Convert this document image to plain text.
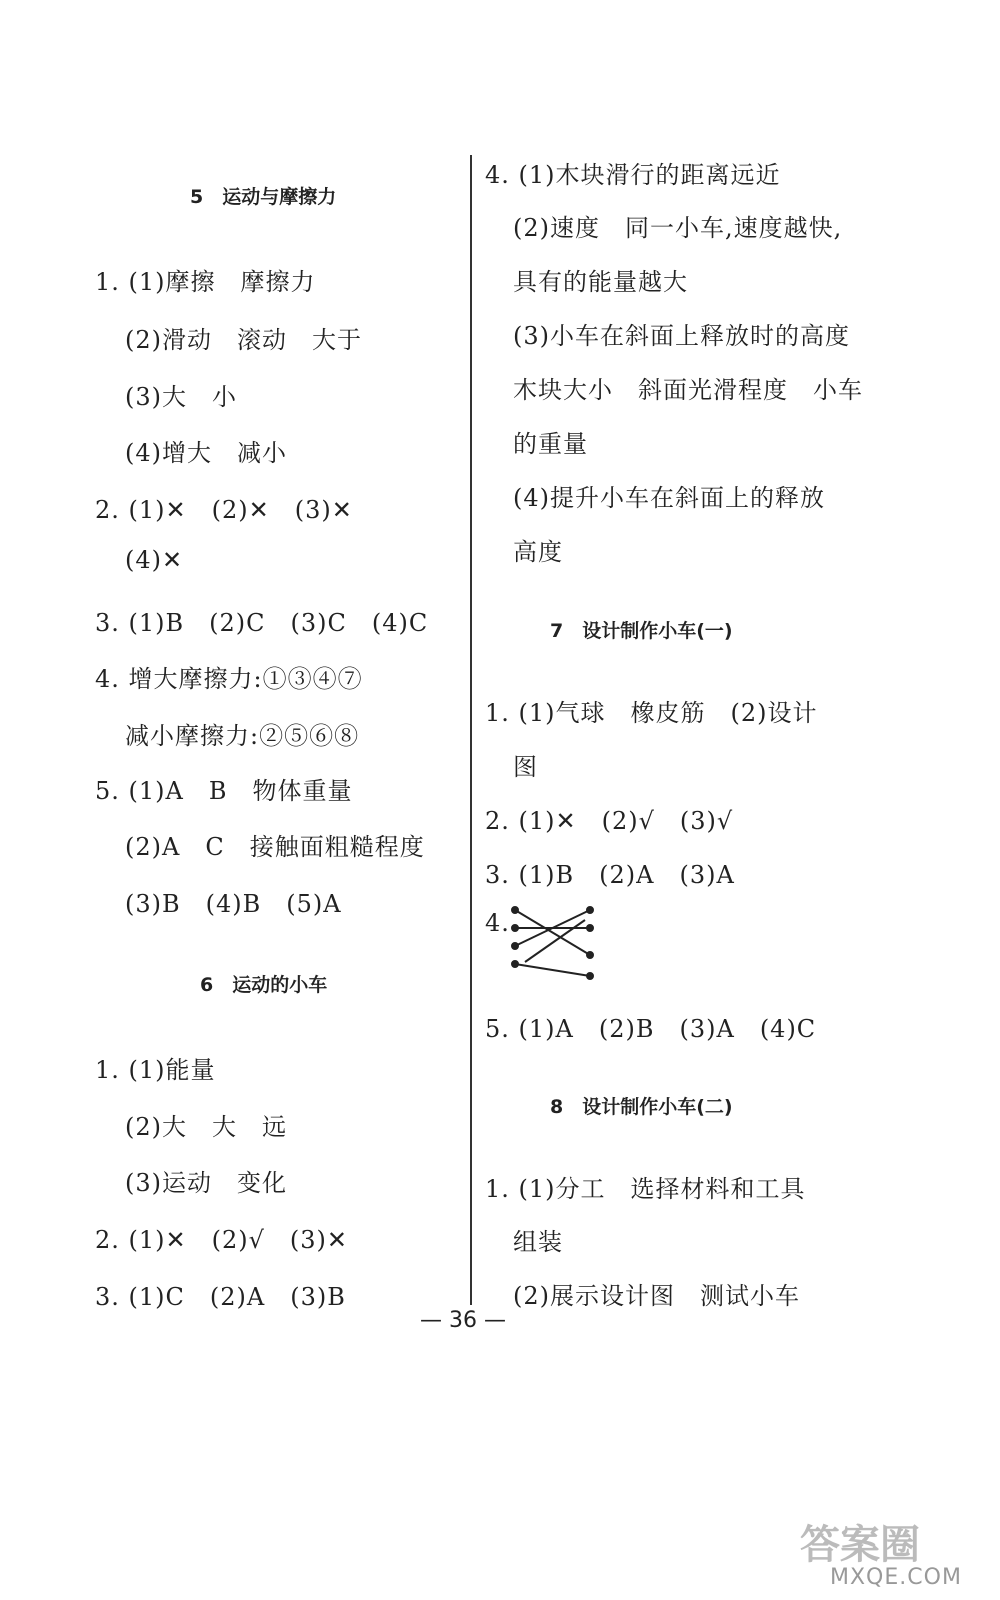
5　运动与摩擦力
1. (1)摩擦　摩擦力
(2)滑动　滚动　大于
(3)大　小
(4)增大　减小
2. (1)✕　(2)✕　(3)✕
(4)✕
3. (1)B　(2)C　(3)C　(4)C
4. 增大摩擦力:①③④⑦
减小摩擦力:②⑤⑥⑧
5. (1)A　B　物体重量
(2)A　C　接触面粗糙程度
(3)B　(4)B　(5)A
6　运动的小车
1. (1)能量
(2)大　大　远
(3)运动　变化
2. (1)✕　(2)√　(3)✕
3. (1)C　(2)A　(3)B
4. (1)木块滑行的距离远近
(2)速度　同一小车,速度越快,
具有的能量越大
(3)小车在斜面上释放时的高度
木块大小　斜面光滑程度　小车
的重量
(4)提升小车在斜面上的释放
高度
7　设计制作小车(一)
1. (1)气球　橡皮筋　(2)设计
图
2. (1)✕　(2)√　(3)√
3. (1)B　(2)A　(3)A
4.
5. (1)A　(2)B　(3)A　(4)C
8　设计制作小车(二)
1. (1)分工　选择材料和工具
组装
(2)展示设计图　测试小车
— 36 —
答案圈
MXQE.COM
